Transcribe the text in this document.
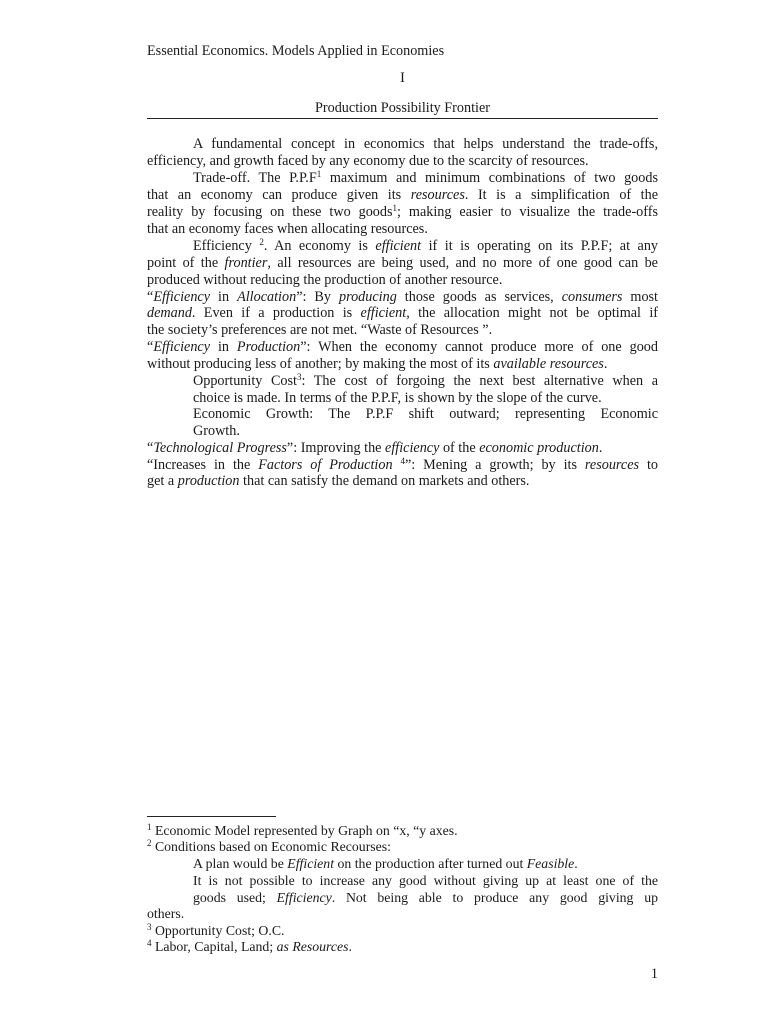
Essential Economics. Models Applied in Economies
I
Production Possibility Frontier
A fundamental concept in economics that helps understand the trade-offs,
efficiency, and growth faced by any economy due to the scarcity of resources.
Trade-off. The $P.P.F^1$ maximum and minimum combinations of two goods
that an economy can produce given its resources. It is a simplification of the
reality by focusing on these two goods$^1$; making easier to visualize the trade-offs
that an economy faces when allocating resources.
Efficiency $^2$. An economy is efficient if it is operating on its P.P.F; at any
point of the frontier, all resources are being used, and no more of one good can be
produced without reducing the production of another resource.
“Efficiency in Allocation”: By producing those goods as services, consumers most
demand. Even if a production is efficient, the allocation might not be optimal if
the society’s preferences are not met. “Waste of Resources ”.
“Efficiency in Production”: When the economy cannot produce more of one good
without producing less of another; by making the most of its available resources.
Opportunity Cost$^3$: The cost of forgoing the next best alternative when a
choice is made. In terms of the P.P.F, is shown by the slope of the curve.
Economic Growth: The P.P.F shift outward; representing Economic
Growth.
“Technological Progress”: Improving the efficiency of the economic production.
“Increases in the Factors of Production $^4$”: Mening a growth; by its resources to
get a production that can satisfy the demand on markets and others.
$^1$ Economic Model represented by Graph on “x, “y axes.
$^2$ Conditions based on Economic Recourses:
A plan would be Efficient on the production after turned out Feasible.
It is not possible to increase any good without giving up at least one of the
goods used; Efficiency. Not being able to produce any good giving up
others.
$^3$ Opportunity Cost; O.C.
$^4$ Labor, Capital, Land; as Resources.
1
